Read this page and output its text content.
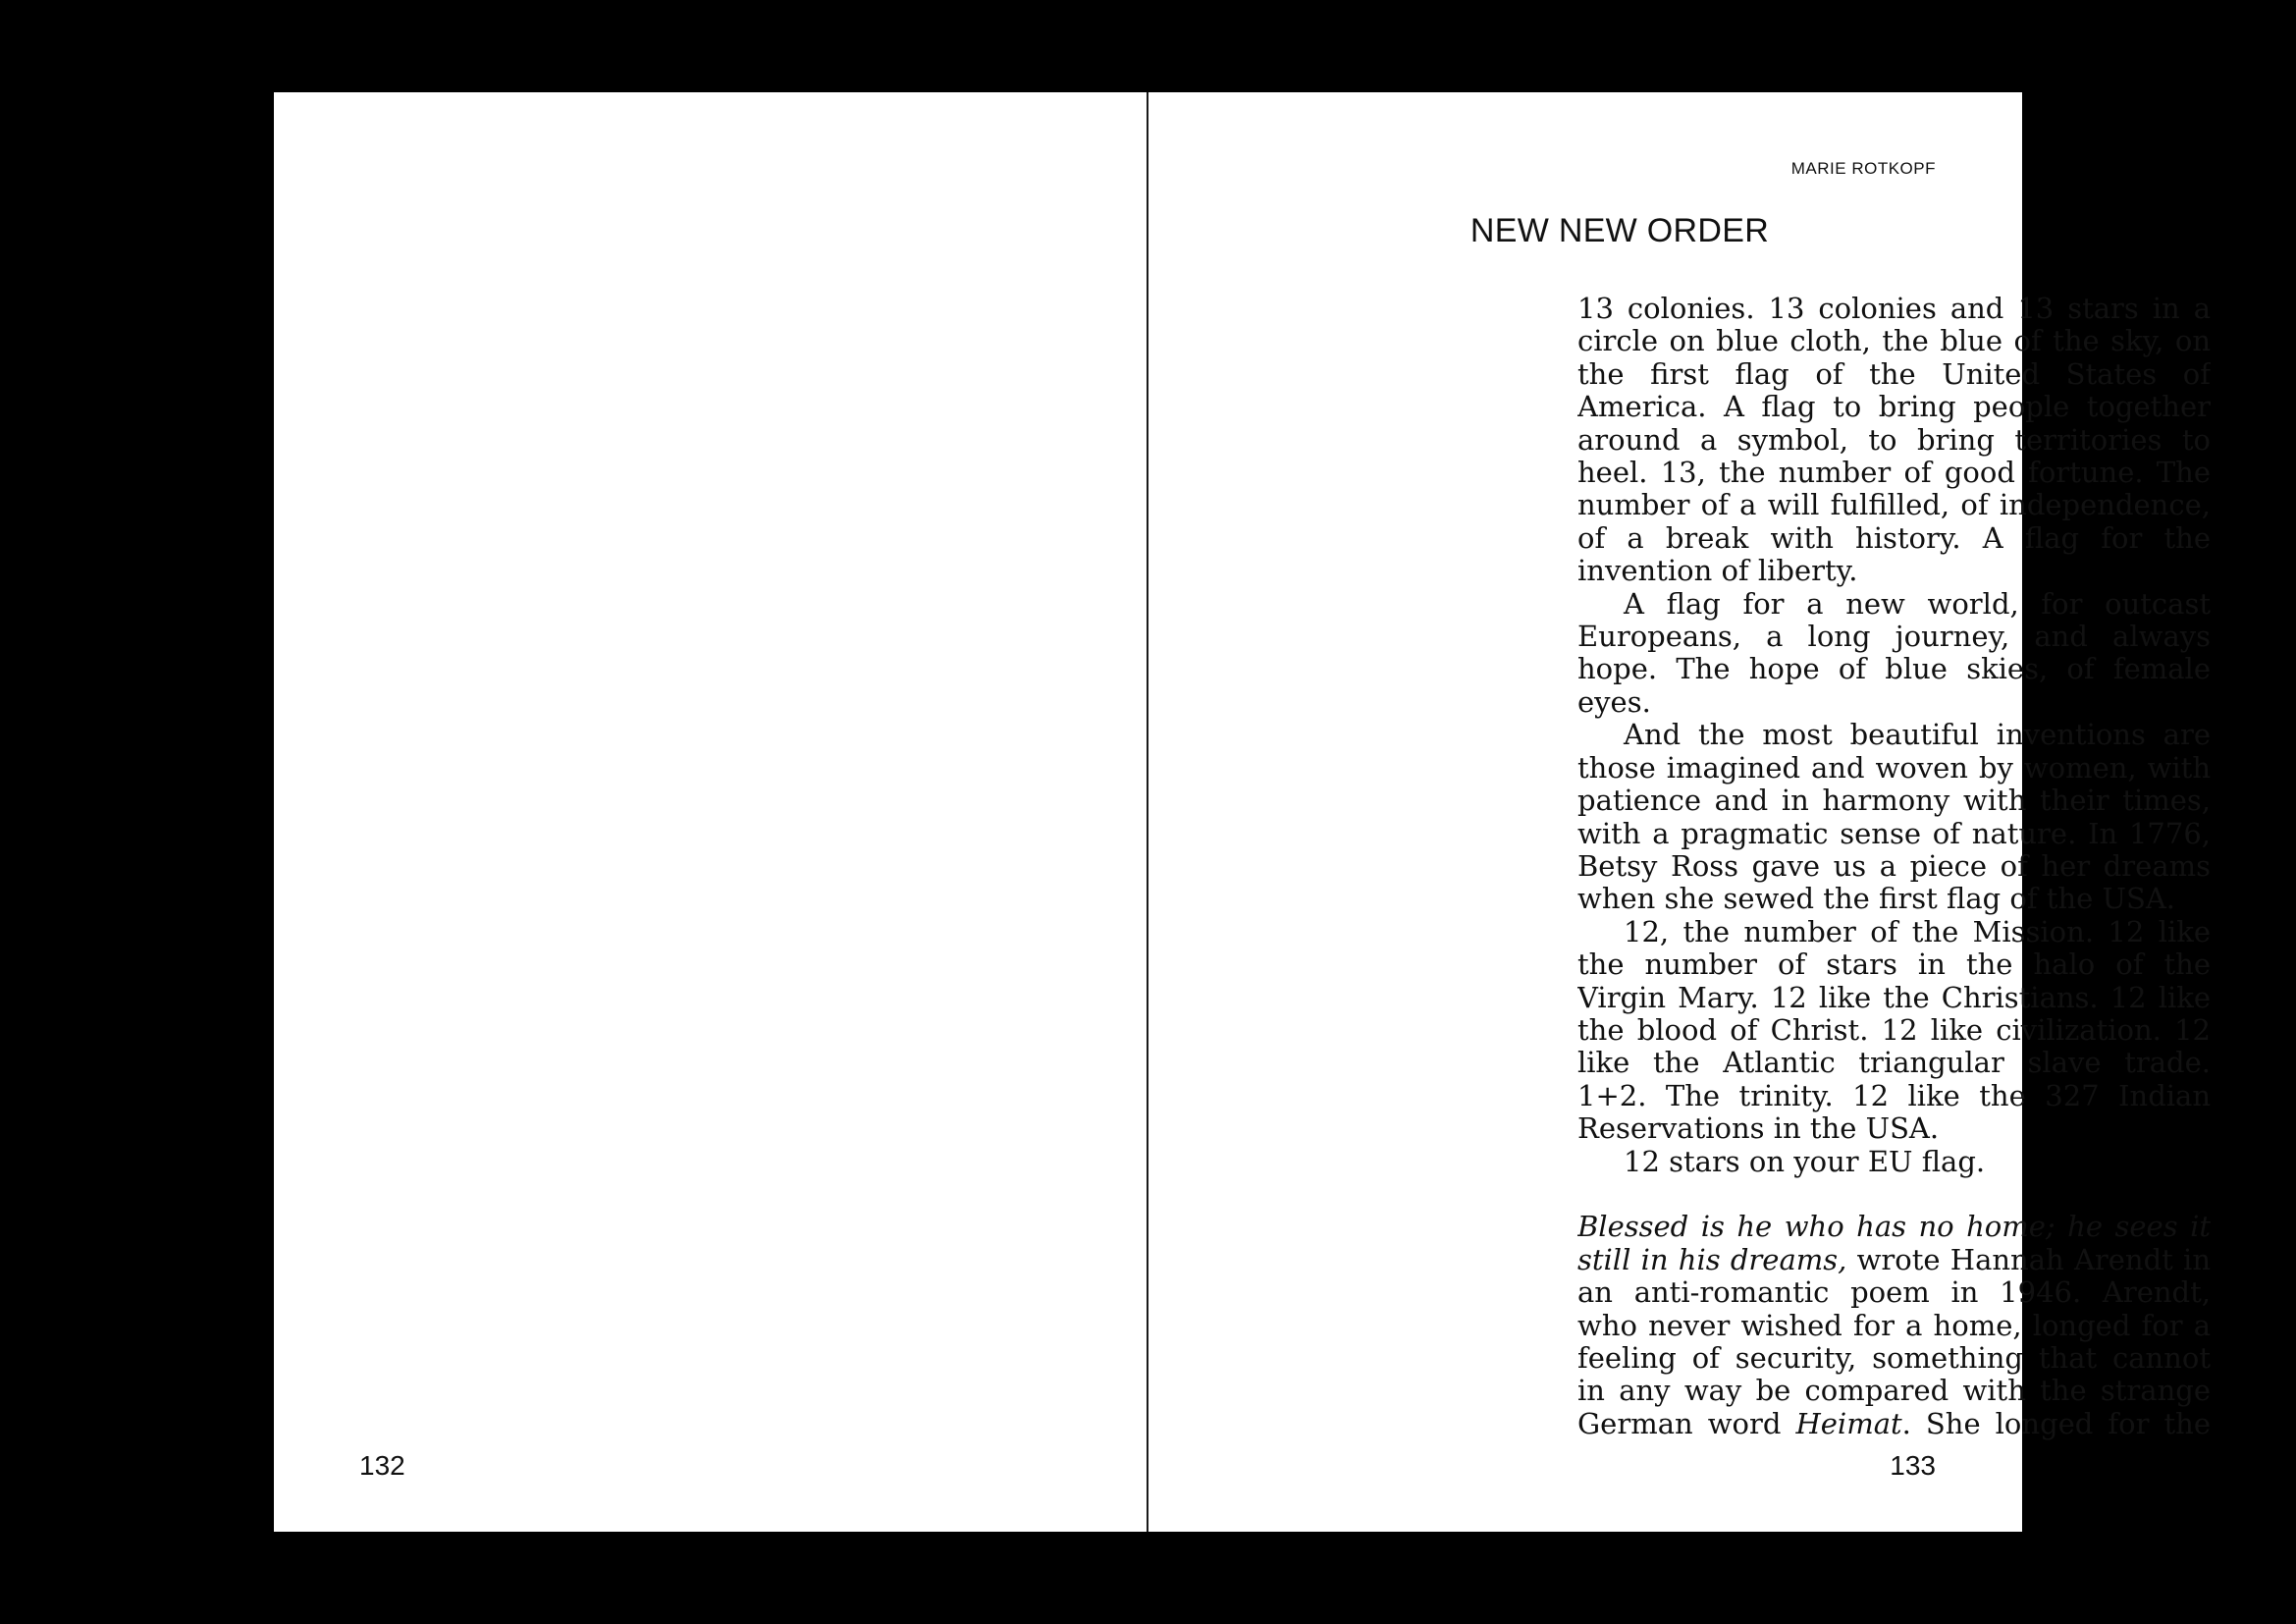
132
MARIE ROTKOPF
NEW NEW ORDER

13 colonies. 13 colonies and 13 stars in a circle on blue cloth, the blue of the sky, on the first flag of the United States of America. A flag to bring people together around a symbol, to bring territories to heel. 13, the number of good fortune. The number of a will fulfilled, of independence, of a break with history. A flag for the invention of liberty.

A flag for a new world, for outcast Europeans, a long journey, and always hope. The hope of blue skies, of female eyes.

And the most beautiful inventions are those imagined and woven by women, with patience and in harmony with their times, with a pragmatic sense of nature. In 1776, Betsy Ross gave us a piece of her dreams when she sewed the first flag of the USA.

12, the number of the Mission. 12 like the number of stars in the halo of the Virgin Mary. 12 like the Christians. 12 like the blood of Christ. 12 like civilization. 12 like the Atlantic triangular slave trade. 1+2. The trinity. 12 like the 327 Indian Reservations in the USA.

12 stars on your EU flag.

Blessed is he who has no home; he sees it still in his dreams, wrote Hannah Arendt in an anti-romantic poem in 1946. Arendt, who never wished for a home, longed for a feeling of security, something that cannot in any way be compared with the strange German word Heimat. She longed for the

133
